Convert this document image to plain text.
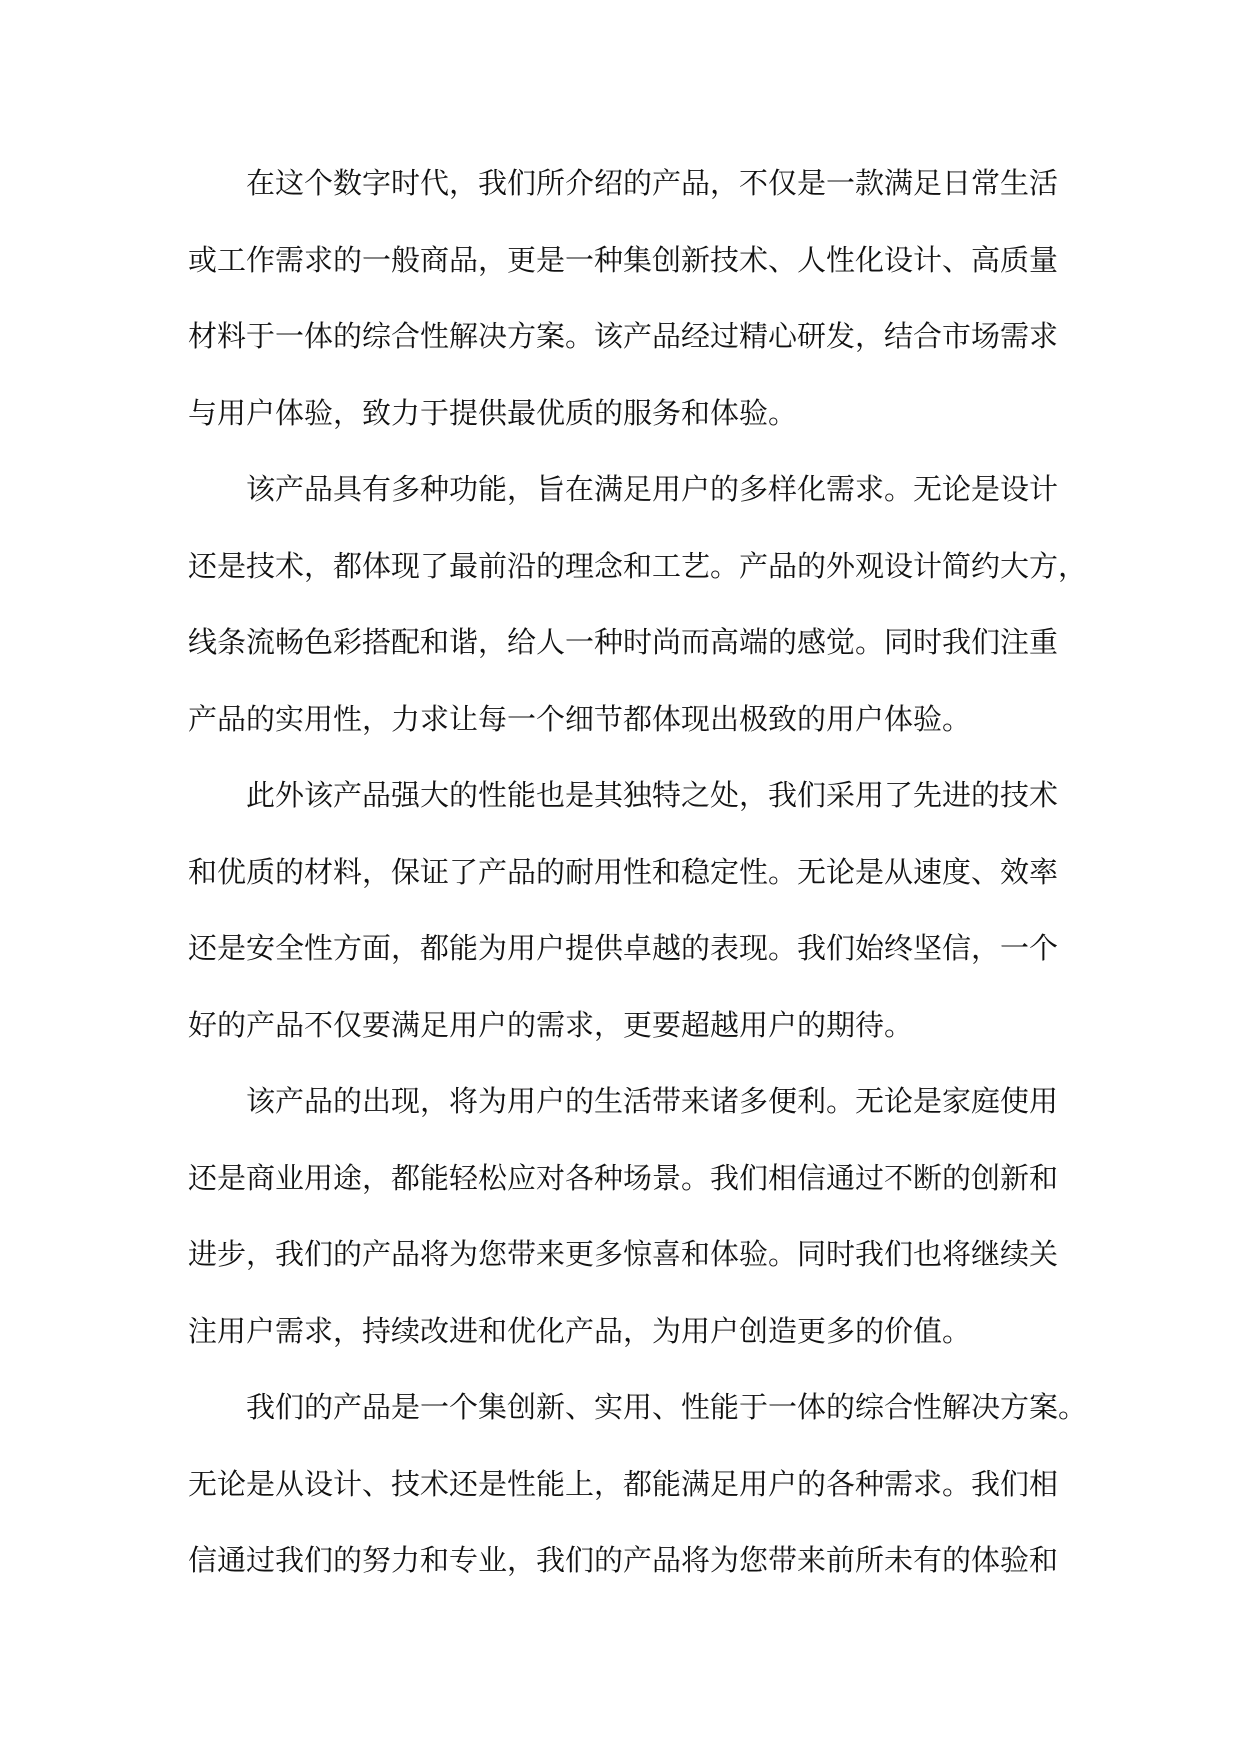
在这个数字时代，我们所介绍的产品，不仅是一款满足日常生活
或工作需求的一般商品，更是一种集创新技术、人性化设计、高质量
材料于一体的综合性解决方案。该产品经过精心研发，结合市场需求
与用户体验，致力于提供最优质的服务和体验。
该产品具有多种功能，旨在满足用户的多样化需求。无论是设计
还是技术，都体现了最前沿的理念和工艺。产品的外观设计简约大方，
线条流畅色彩搭配和谐，给人一种时尚而高端的感觉。同时我们注重
产品的实用性，力求让每一个细节都体现出极致的用户体验。
此外该产品强大的性能也是其独特之处，我们采用了先进的技术
和优质的材料，保证了产品的耐用性和稳定性。无论是从速度、效率
还是安全性方面，都能为用户提供卓越的表现。我们始终坚信，一个
好的产品不仅要满足用户的需求，更要超越用户的期待。
该产品的出现，将为用户的生活带来诸多便利。无论是家庭使用
还是商业用途，都能轻松应对各种场景。我们相信通过不断的创新和
进步，我们的产品将为您带来更多惊喜和体验。同时我们也将继续关
注用户需求，持续改进和优化产品，为用户创造更多的价值。
我们的产品是一个集创新、实用、性能于一体的综合性解决方案。
无论是从设计、技术还是性能上，都能满足用户的各种需求。我们相
信通过我们的努力和专业，我们的产品将为您带来前所未有的体验和
